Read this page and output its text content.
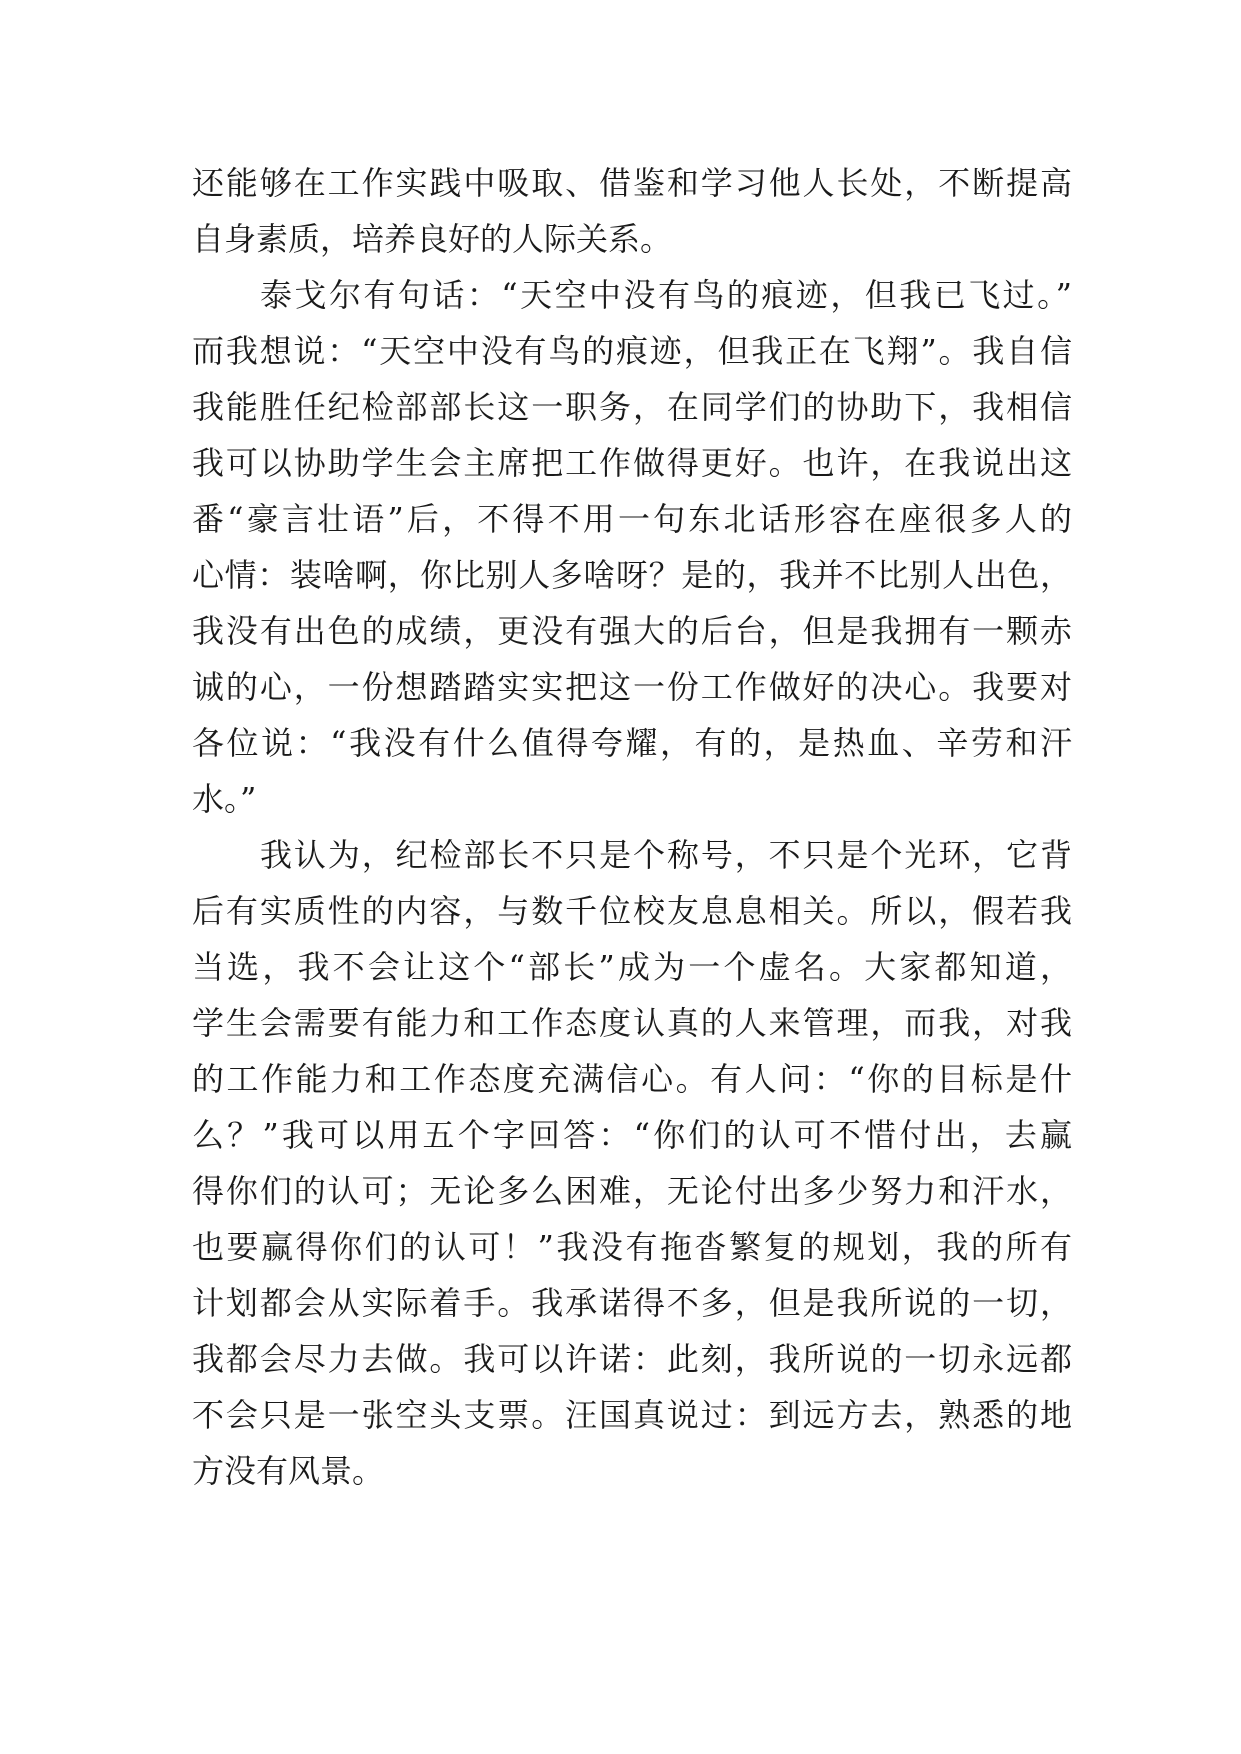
还能够在工作实践中吸取、借鉴和学习他人长处，不断提高
自身素质，培养良好的人际关系。
泰戈尔有句话：“天空中没有鸟的痕迹，但我已飞过。”
而我想说：“天空中没有鸟的痕迹，但我正在飞翔”。我自信
我能胜任纪检部部长这一职务，在同学们的协助下，我相信
我可以协助学生会主席把工作做得更好。也许，在我说出这
番“豪言壮语”后，不得不用一句东北话形容在座很多人的
心情：装啥啊，你比别人多啥呀？是的，我并不比别人出色，
我没有出色的成绩，更没有强大的后台，但是我拥有一颗赤
诚的心，一份想踏踏实实把这一份工作做好的决心。我要对
各位说：“我没有什么值得夸耀，有的，是热血、辛劳和汗
水。”
我认为，纪检部长不只是个称号，不只是个光环，它背
后有实质性的内容，与数千位校友息息相关。所以，假若我
当选，我不会让这个“部长”成为一个虚名。大家都知道，
学生会需要有能力和工作态度认真的人来管理，而我，对我
的工作能力和工作态度充满信心。有人问：“你的目标是什
么？”我可以用五个字回答：“你们的认可不惜付出，去赢
得你们的认可；无论多么困难，无论付出多少努力和汗水，
也要赢得你们的认可！”我没有拖沓繁复的规划，我的所有
计划都会从实际着手。我承诺得不多，但是我所说的一切，
我都会尽力去做。我可以许诺：此刻，我所说的一切永远都
不会只是一张空头支票。汪国真说过：到远方去，熟悉的地
方没有风景。
